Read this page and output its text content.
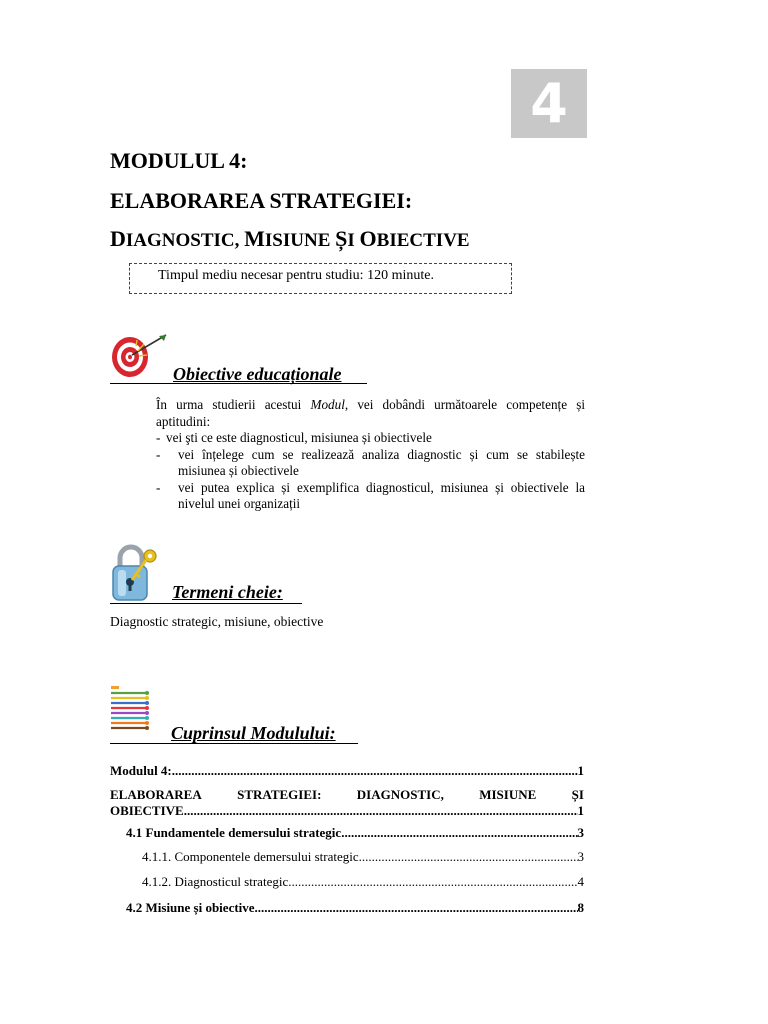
4
MODULUL 4:
ELABORAREA STRATEGIEI:
DIAGNOSTIC, MISIUNE ȘI OBIECTIVE
Timpul mediu necesar pentru studiu: 120 minute.
Obiective educaționale

În urma studierii acestui Modul, vei dobândi următoarele competențe și aptitudini:

- vei şti ce este diagnosticul, misiunea și obiectivele
-	vei înțelege cum se realizează analiza diagnostic și cum se stabilește misiunea și obiectivele
-	vei putea explica și exemplifica diagnosticul, misiunea și obiectivele la nivelul unei organizații
Termeni cheie:
Diagnostic strategic, misiune, obiective
Cuprinsul Modulului:
Modulul 4: .....	1
ELABORAREA	STRATEGIEI:	DIAGNOSTIC,	MISIUNE	ȘI
OBIECTIVE .....	1
4.1 Fundamentele demersului strategic .....	3
4.1.1. Componentele demersului strategic .....	3
4.1.2. Diagnosticul strategic .....	4
4.2 Misiune și obiective .....	8
